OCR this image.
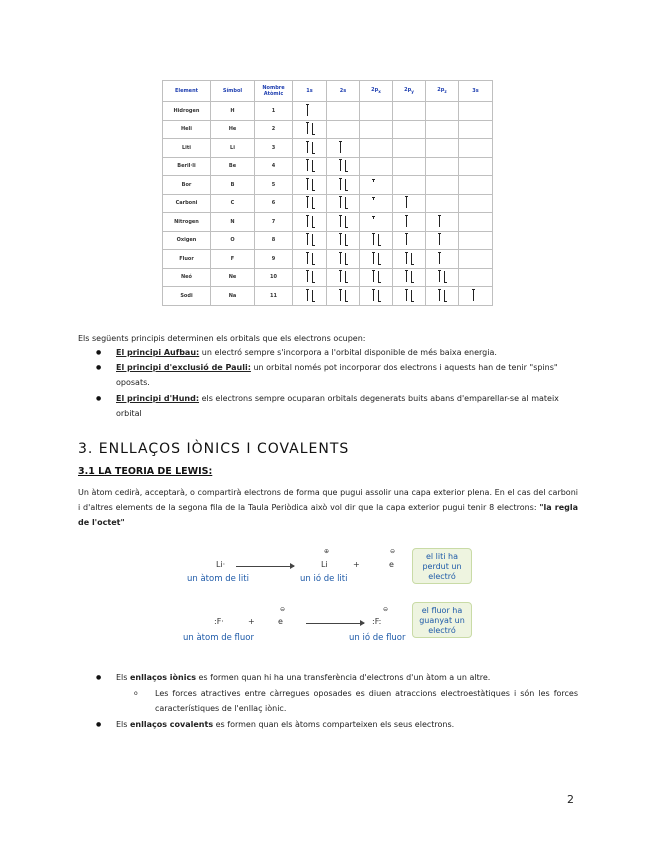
Element	Símbol	Nombre Atòmic	1s	2s	$2p_x$	$2p_y$	$2p_z$	3s
Hidrogen	H	1	

Heli	He	2	

Liti	Li	3	

Beril·li	Be	4	

Bor	B	5	

Carboni	C	6	

Nitrogen	N	7	

Oxigen	O	8	

Fluor	F	9	

Neó	Ne	10	

Sodi	Na	11	

Els següents principis determinen els orbitals que els electrons ocupen:
● El principi Aufbau: un electró sempre s'incorpora a l'orbital disponible de més baixa energia.
● El principi d'exclusió de Pauli: un orbital només pot incorporar dos electrons i aquests han de tenir "spins" oposats.
● El principi d'Hund: els electrons sempre ocuparan orbitals degenerats buits abans d'emparellar-se al mateix orbital
3. ENLLAÇOS IÒNICS I COVALENTS
3.1 LA TEORIA DE LEWIS:
Un àtom cedirà, acceptarà, o compartirà electrons de forma que pugui assolir una capa exterior plena. En el cas del carboni i d'altres elements de la segona fila de la Taula Periòdica això vol dir que la capa exterior pugui tenir 8 electrons: "la regla de l'octet"
Li·	Li
⊕
+	e
⊖
un àtom de liti	un ió de liti
el liti ha perdut un electró
:F·	+	e
⊖
:F:
⊖
un àtom de fluor	un ió de fluor
el fluor ha guanyat un electró
● Els enllaços iònics es formen quan hi ha una transferència d'electrons d'un àtom a un altre.
o Les forces atractives entre càrregues oposades es diuen atraccions electroestàtiques i són les forces característiques de l'enllaç iònic.
● Els enllaços covalents es formen quan els àtoms comparteixen els seus electrons.
2
